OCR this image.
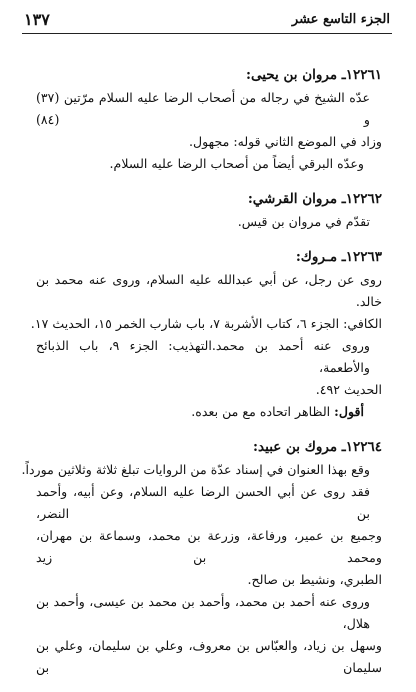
الجزء التاسع عشر
١٣٧
١٢٢٦١ـ مروان بن يحيى:
عدّه الشيخ في رجاله من أصحاب الرضا عليه السلام مرّتين (٣٧) و (٨٤)
وزاد في الموضع الثاني قوله: مجهول.
وعدّه البرقي أيضاً من أصحاب الرضا عليه السلام.
١٢٢٦٢ـ مروان القرشي:
تقدّم في مروان بن قيس.
١٢٢٦٣ـ مـروك:
روى عن رجل، عن أبي عبدالله عليه السلام، وروى عنه محمد بن خالد.
الكافي: الجزء ٦، كتاب الأشربة ٧، باب شارب الخمر ١٥، الحديث ١٧.
وروى عنه أحمد بن محمد.التهذيب: الجزء ٩، باب الذبائح والأطعمة،
الحديث ٤٩٢.
أقول: الظاهر اتحاده مع من بعده.
١٢٢٦٤ـ مروك بن عبيد:
وقع بهذا العنوان في إسناد عدّة من الروايات تبلغ ثلاثة وثلاثين مورداً.
فقد روى عن أبي الحسن الرضا عليه السلام، وعن أبيه، وأحمد بن النضر،
وجميع بن عمير، ورفاعة، وزرعة بن محمد، وسماعة بن مهران، ومحمد بن زيد
الطبري، ونشيط بن صالح.
وروى عنه أحمد بن محمد، وأحمد بن محمد بن عيسى، وأحمد بن هلال،
وسهل بن زياد، والعبّاس بن معروف، وعلي بن سليمان، وعلي بن سليمان بن
